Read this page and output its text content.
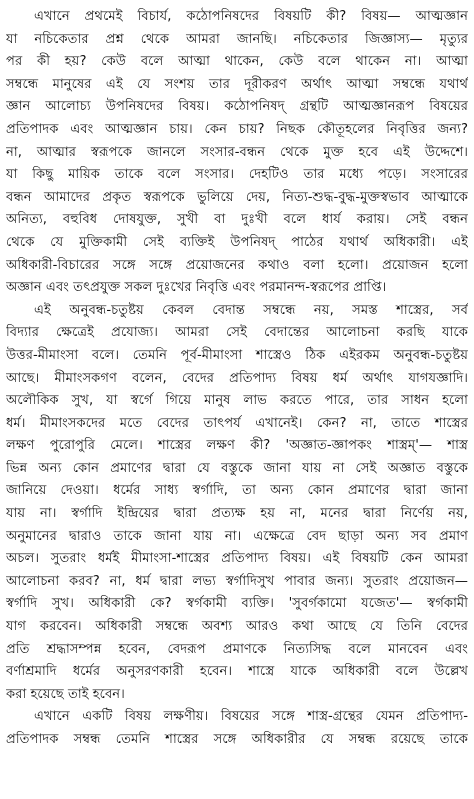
এখানে প্রথমেই বিচার্য, কঠোপনিষদের বিষয়টি কী? বিষয়— আত্মজ্ঞান
যা নচিকেতার প্রশ্ন থেকে আমরা জানছি। নচিকেতার জিজ্ঞাস্য— মৃত্যুর
পর কী হয়? কেউ বলে আত্মা থাকেন, কেউ বলে থাকেন না। আত্মা
সম্বন্ধে মানুষের এই যে সংশয় তার দূরীকরণ অর্থাৎ আত্মা সম্বন্ধে যথার্থ
জ্ঞান আলোচ্য উপনিষদের বিষয়। কঠোপনিষদ্ গ্রন্থটি আত্মজ্ঞানরূপ বিষয়ের
প্রতিপাদক এবং আত্মজ্ঞান চায়। কেন চায়? নিছক কৌতূহলের নিবৃত্তির জন্য?
না, আত্মার স্বরূপকে জানলে সংসার-বন্ধন থেকে মুক্ত হবে এই উদ্দেশে।
যা কিছু মায়িক তাকে বলে সংসার। দেহটিও তার মধ্যে পড়ে। সংসারের
বন্ধন আমাদের প্রকৃত স্বরূপকে ভুলিয়ে দেয়, নিত্য-শুদ্ধ-বুদ্ধ-মুক্তস্বভাব আত্মাকে
অনিত্য, বহুবিধ দোষযুক্ত, সুখী বা দুঃখী বলে ধার্য করায়। সেই বন্ধন
থেকে যে মুক্তিকামী সেই ব্যক্তিই উপনিষদ্ পাঠের যথার্থ অধিকারী। এই
অধিকারী-বিচারের সঙ্গে সঙ্গে প্রয়োজনের কথাও বলা হলো। প্রয়োজন হলো
অজ্ঞান এবং তৎপ্রযুক্ত সকল দুঃখের নিবৃত্তি এবং পরমানন্দ-স্বরূপের প্রাপ্তি।
এই অনুবন্ধ-চতুষ্টয় কেবল বেদান্ত সম্বন্ধে নয়, সমস্ত শাস্ত্রের, সর্ব
বিদ্যার ক্ষেত্রেই প্রযোজ্য। আমরা সেই বেদান্তের আলোচনা করছি যাকে
উত্তর-মীমাংসা বলে। তেমনি পূর্ব-মীমাংসা শাস্ত্রেও ঠিক এইরকম অনুবন্ধ-চতুষ্টয়
আছে। মীমাংসকগণ বলেন, বেদের প্রতিপাদ্য বিষয় ধর্ম অর্থাৎ যাগযজ্ঞাদি।
অলৌকিক সুখ, যা স্বর্গে গিয়ে মানুষ লাভ করতে পারে, তার সাধন হলো
ধর্ম। মীমাংসকদের মতে বেদের তাৎপর্য এখানেই। কেন? না, তাতে শাস্ত্রের
লক্ষণ পুরোপুরি মেলে। শাস্ত্রের লক্ষণ কী? 'অজ্ঞাত-জ্ঞাপকং শাস্ত্রম্'— শাস্ত্র
ভিন্ন অন্য কোন প্রমাণের দ্বারা যে বস্তুকে জানা যায় না সেই অজ্ঞাত বস্তুকে
জানিয়ে দেওয়া। ধর্মের সাধ্য স্বর্গাদি, তা অন্য কোন প্রমাণের দ্বারা জানা
যায় না। স্বর্গাদি ইন্দ্রিয়ের দ্বারা প্রত্যক্ষ হয় না, মনের দ্বারা নির্ণেয় নয়,
অনুমানের দ্বারাও তাকে জানা যায় না। এক্ষেত্রে বেদ ছাড়া অন্য সব প্রমাণ
অচল। সুতরাং ধর্মই মীমাংসা-শাস্ত্রের প্রতিপাদ্য বিষয়। এই বিষয়টি কেন আমরা
আলোচনা করব? না, ধর্ম দ্বারা লভ্য স্বর্গাদিসুখ পাবার জন্য। সুতরাং প্রয়োজন—
স্বর্গাদি সুখ। অধিকারী কে? স্বর্গকামী ব্যক্তি। 'সুবর্গকামো যজেত'— স্বর্গকামী
যাগ করবেন। অধিকারী সম্বন্ধে অবশ্য আরও কথা আছে যে তিনি বেদের
প্রতি শ্রদ্ধাসম্পন্ন হবেন, বেদরূপ প্রমাণকে নিত্যসিদ্ধ বলে মানবেন এবং
বর্ণাশ্রমাদি ধর্মের অনুসরণকারী হবেন। শাস্ত্রে যাকে অধিকারী বলে উল্লেখ
করা হয়েছে তাই হবেন।
এখানে একটি বিষয় লক্ষণীয়। বিষয়ের সঙ্গে শাস্ত্র-গ্রন্থের যেমন প্রতিপাদ্য-
প্রতিপাদক সম্বন্ধ তেমনি শাস্ত্রের সঙ্গে অধিকারীর যে সম্বন্ধ রয়েছে তাকে
